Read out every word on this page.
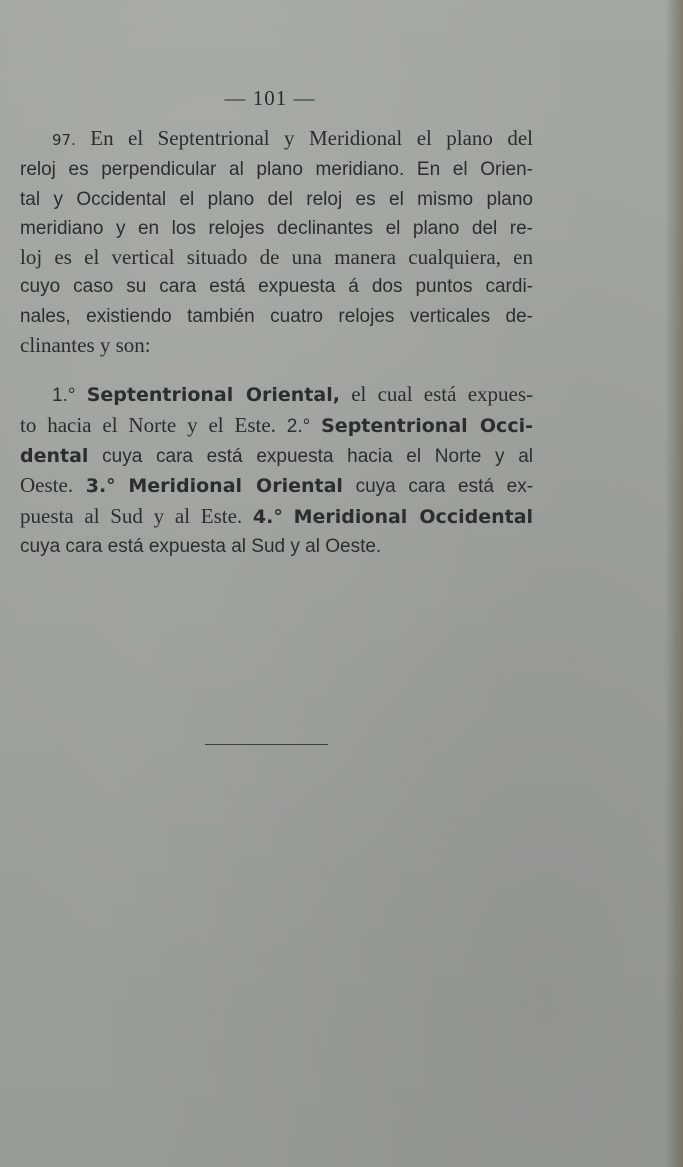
— 101 —
97. En el Septentrional y Meridional el plano del
reloj es perpendicular al plano meridiano. En el Orien-
tal y Occidental el plano del reloj es el mismo plano
meridiano y en los relojes declinantes el plano del re-
loj es el vertical situado de una manera cualquiera, en
cuyo caso su cara está expuesta á dos puntos cardi-
nales, existiendo también cuatro relojes verticales de-
clinantes y son:
1.° Septentrional Oriental, el cual está expues-
to hacia el Norte y el Este. 2.° Septentrional Occi-
dental cuya cara está expuesta hacia el Norte y al
Oeste. 3.° Meridional Oriental cuya cara está ex-
puesta al Sud y al Este. 4.° Meridional Occidental
cuya cara está expuesta al Sud y al Oeste.
